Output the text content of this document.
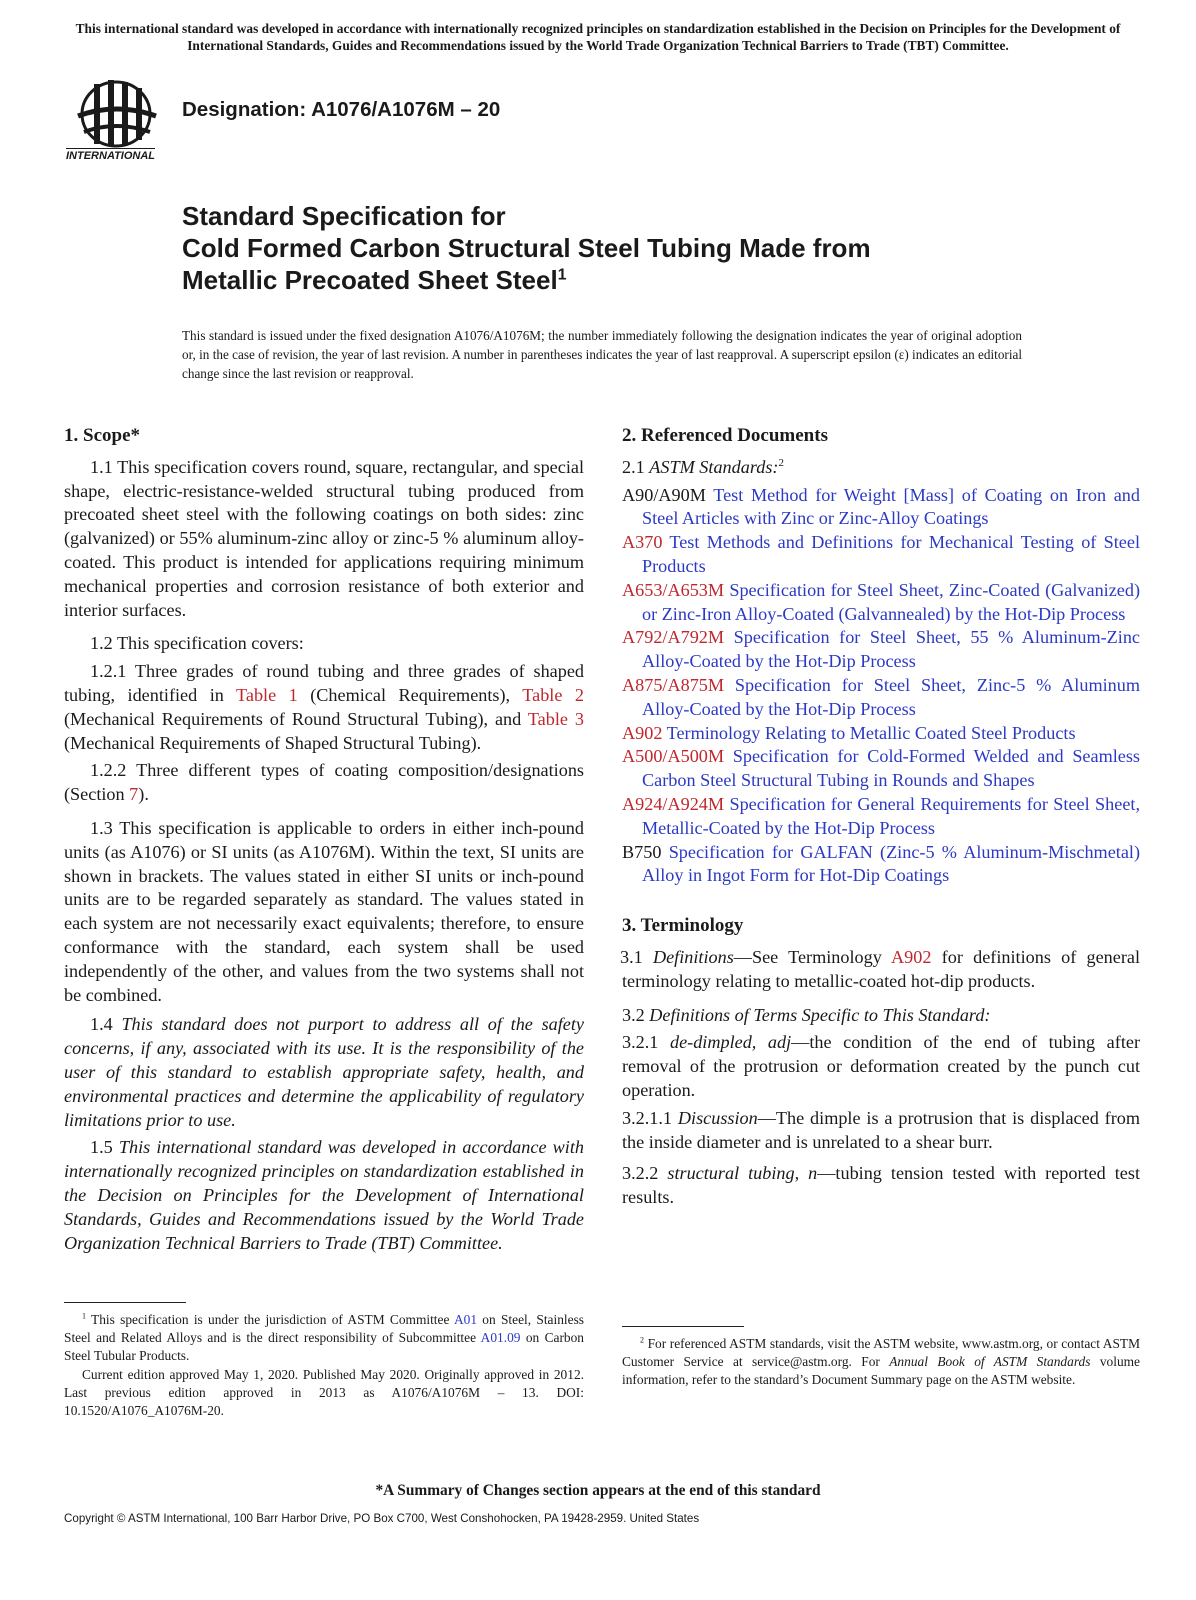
This international standard was developed in accordance with internationally recognized principles on standardization established in the Decision on Principles for the Development of International Standards, Guides and Recommendations issued by the World Trade Organization Technical Barriers to Trade (TBT) Committee.
INTERNATIONAL
Designation: A1076/A1076M – 20
Standard Specification for
Cold Formed Carbon Structural Steel Tubing Made from
Metallic Precoated Sheet Steel$^1$
This standard is issued under the fixed designation A1076/A1076M; the number immediately following the designation indicates the year of original adoption or, in the case of revision, the year of last revision. A number in parentheses indicates the year of last reapproval. A superscript epsilon (ε) indicates an editorial change since the last revision or reapproval.
1. Scope*
1.1 This specification covers round, square, rectangular, and special shape, electric-resistance-welded structural tubing produced from precoated sheet steel with the following coatings on both sides: zinc (galvanized) or 55% aluminum-zinc alloy or zinc-5 % aluminum alloy-coated. This product is intended for applications requiring minimum mechanical properties and corrosion resistance of both exterior and interior surfaces.
1.2 This specification covers:
1.2.1 Three grades of round tubing and three grades of shaped tubing, identified in Table 1 (Chemical Requirements), Table 2 (Mechanical Requirements of Round Structural Tubing), and Table 3 (Mechanical Requirements of Shaped Structural Tubing).
1.2.2 Three different types of coating composition/designations (Section 7).
1.3 This specification is applicable to orders in either inch-pound units (as A1076) or SI units (as A1076M). Within the text, SI units are shown in brackets. The values stated in either SI units or inch-pound units are to be regarded separately as standard. The values stated in each system are not necessarily exact equivalents; therefore, to ensure conformance with the standard, each system shall be used independently of the other, and values from the two systems shall not be combined.
1.4 This standard does not purport to address all of the safety concerns, if any, associated with its use. It is the responsibility of the user of this standard to establish appropriate safety, health, and environmental practices and determine the applicability of regulatory limitations prior to use.
1.5 This international standard was developed in accordance with internationally recognized principles on standardization established in the Decision on Principles for the Development of International Standards, Guides and Recommendations issued by the World Trade Organization Technical Barriers to Trade (TBT) Committee.
2. Referenced Documents
2.1 ASTM Standards:$^2$
A90/A90M Test Method for Weight [Mass] of Coating on Iron and Steel Articles with Zinc or Zinc-Alloy Coatings
A370 Test Methods and Definitions for Mechanical Testing of Steel Products
A653/A653M Specification for Steel Sheet, Zinc-Coated (Galvanized) or Zinc-Iron Alloy-Coated (Galvannealed) by the Hot-Dip Process
A792/A792M Specification for Steel Sheet, 55 % Aluminum-Zinc Alloy-Coated by the Hot-Dip Process
A875/A875M Specification for Steel Sheet, Zinc-5 % Aluminum Alloy-Coated by the Hot-Dip Process
A902 Terminology Relating to Metallic Coated Steel Products
A500/A500M Specification for Cold-Formed Welded and Seamless Carbon Steel Structural Tubing in Rounds and Shapes
A924/A924M Specification for General Requirements for Steel Sheet, Metallic-Coated by the Hot-Dip Process
B750 Specification for GALFAN (Zinc-5 % Aluminum-Mischmetal) Alloy in Ingot Form for Hot-Dip Coatings
3. Terminology
3.1 Definitions—See Terminology A902 for definitions of general terminology relating to metallic-coated hot-dip products.
3.2 Definitions of Terms Specific to This Standard:
3.2.1 de-dimpled, adj—the condition of the end of tubing after removal of the protrusion or deformation created by the punch cut operation.
3.2.1.1 Discussion—The dimple is a protrusion that is displaced from the inside diameter and is unrelated to a shear burr.
3.2.2 structural tubing, n—tubing tension tested with reported test results.
$^1$ This specification is under the jurisdiction of ASTM Committee A01 on Steel, Stainless Steel and Related Alloys and is the direct responsibility of Subcommittee A01.09 on Carbon Steel Tubular Products.
Current edition approved May 1, 2020. Published May 2020. Originally approved in 2012. Last previous edition approved in 2013 as A1076/A1076M – 13. DOI: 10.1520/A1076_A1076M-20.
$^2$ For referenced ASTM standards, visit the ASTM website, www.astm.org, or contact ASTM Customer Service at service@astm.org. For Annual Book of ASTM Standards volume information, refer to the standard’s Document Summary page on the ASTM website.
*A Summary of Changes section appears at the end of this standard
Copyright © ASTM International, 100 Barr Harbor Drive, PO Box C700, West Conshohocken, PA 19428-2959. United States
